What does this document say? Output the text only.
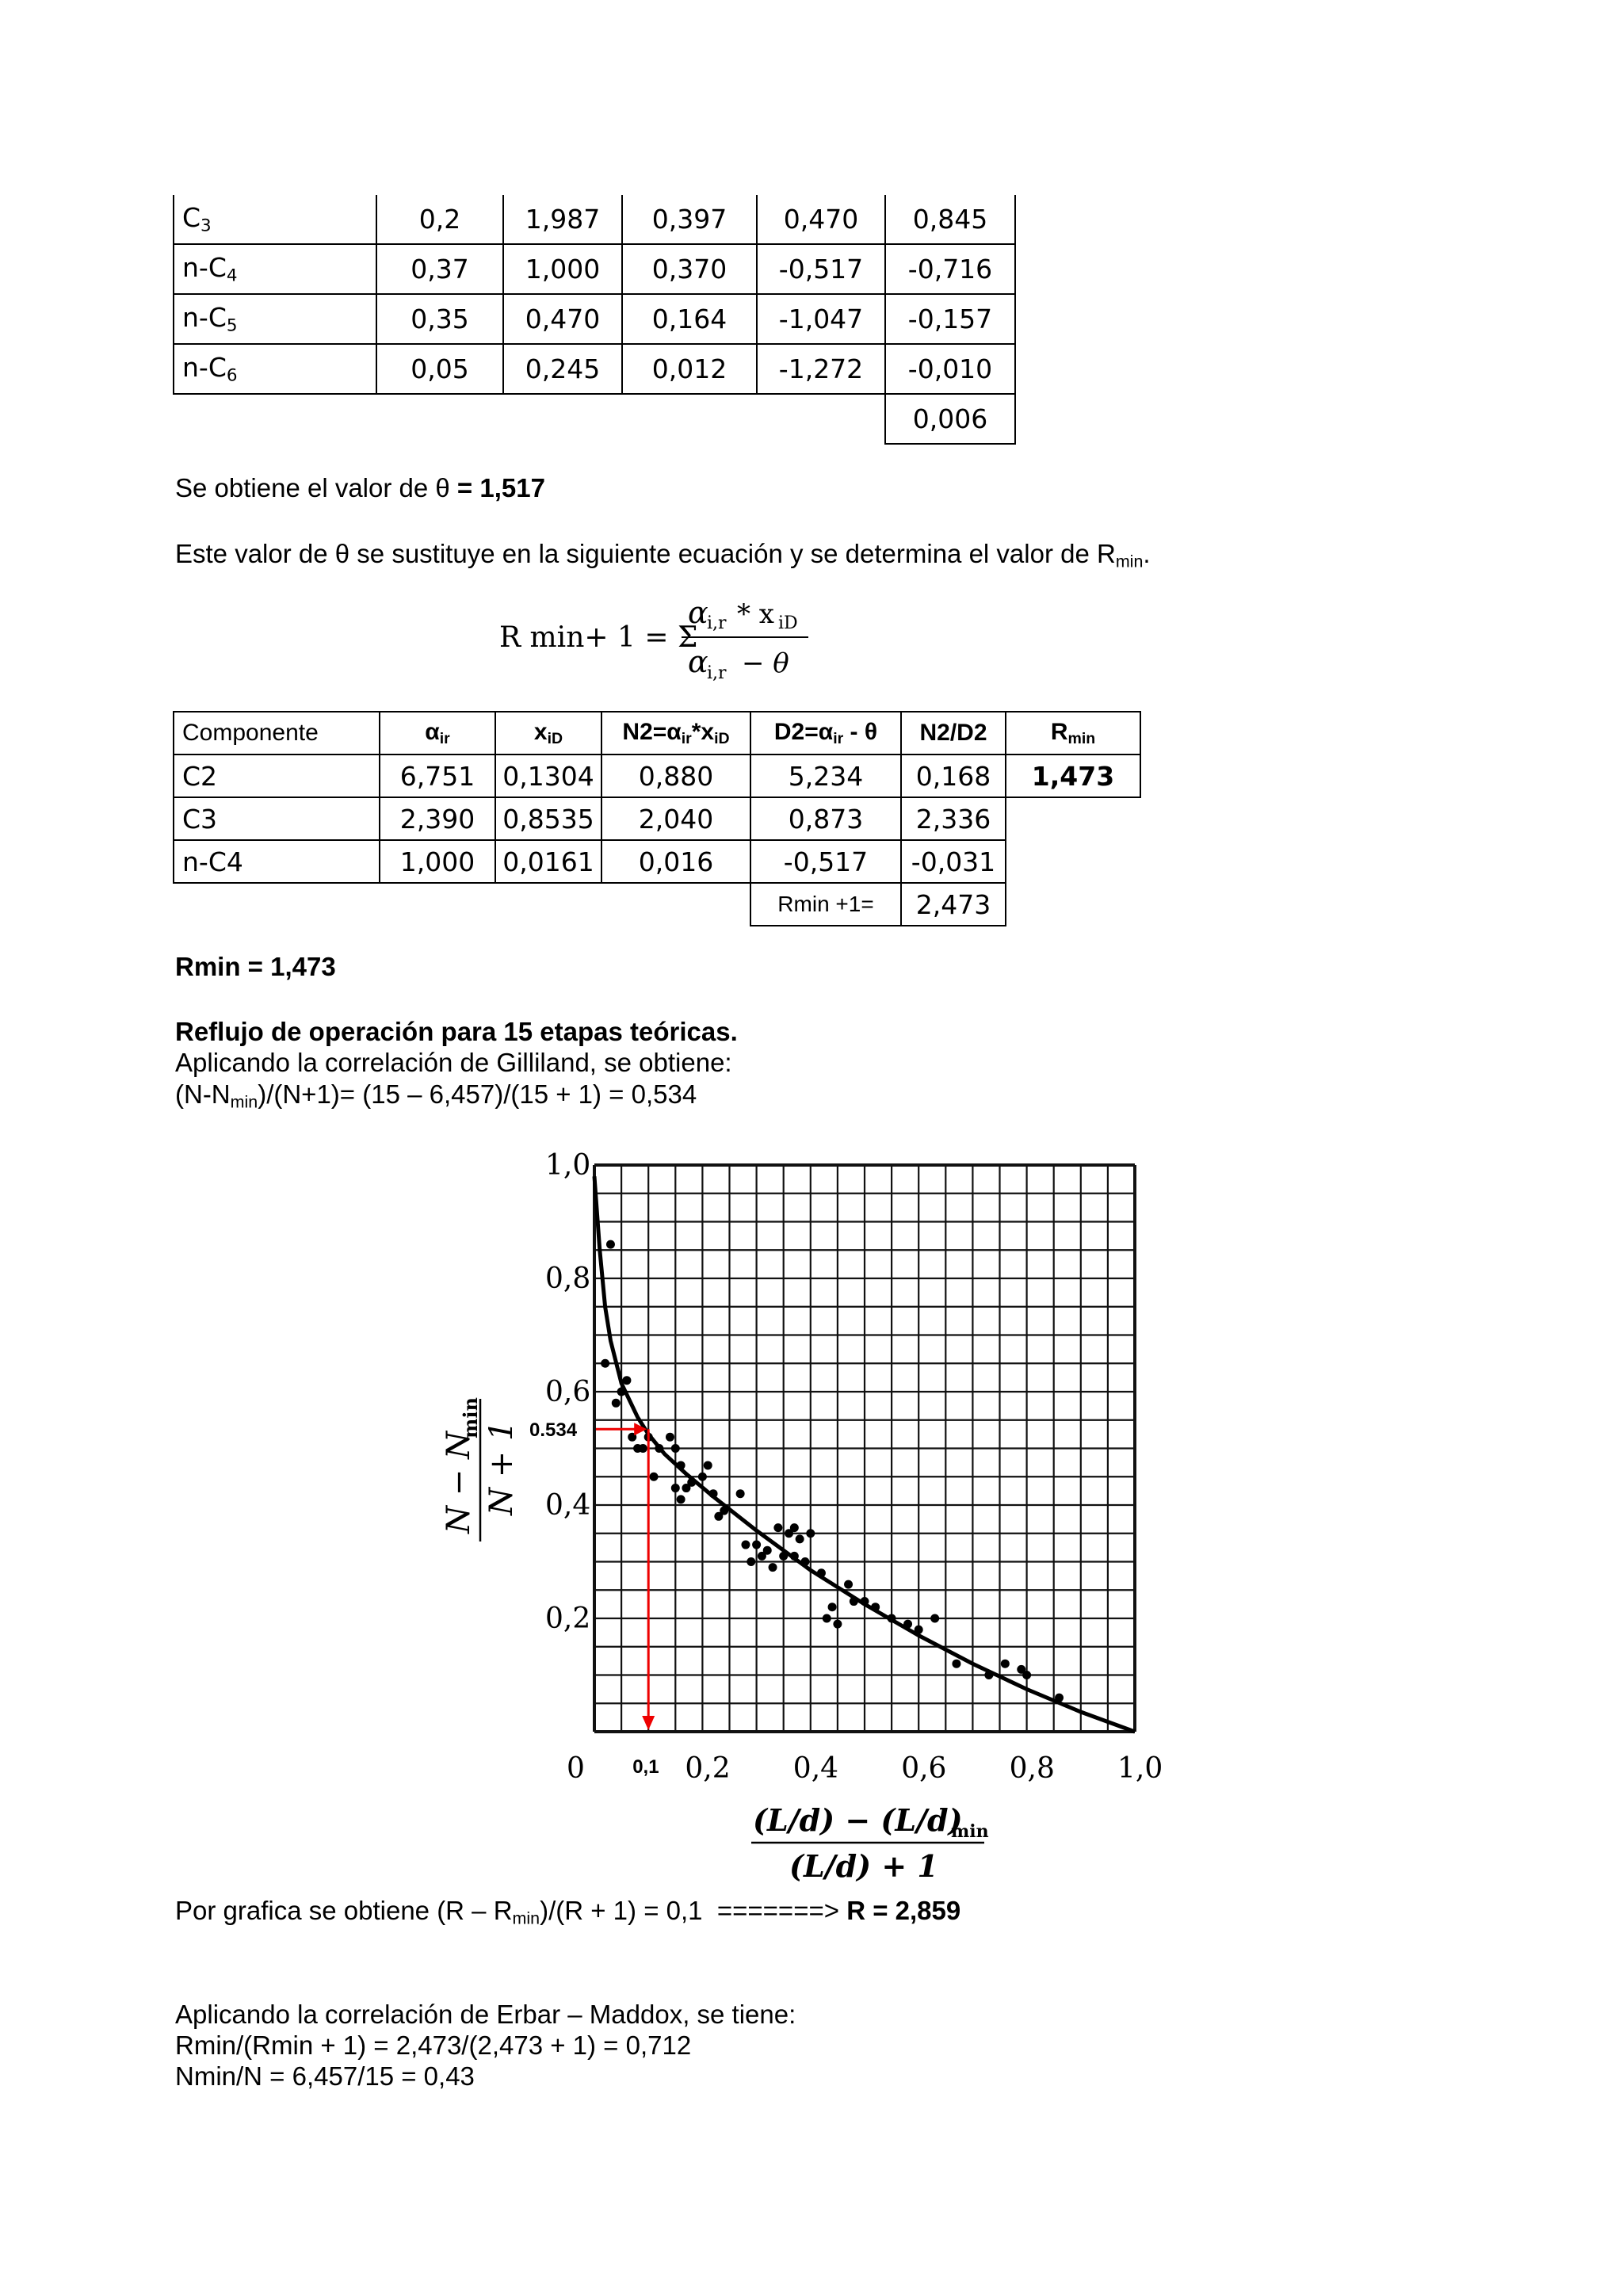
$C_3$	0,2	1,987	0,397	0,470	0,845
$n-C_4$	0,37	1,000	0,370	-0,517	-0,716
$n-C_5$	0,35	0,470	0,164	-1,047	-0,157
$n-C_6$	0,05	0,245	0,012	-1,272	-0,010
					0,006
Se obtiene el valor de θ = 1,517
Este valor de θ se sustituye en la siguiente ecuación y se determina el valor de $R_{min}$.
R min+ 1 = Σ
α
i,r * x iD
α
i,r − θ
Componente	$\alpha_{ir}$	$x_{iD}$	$N2=\alpha_{ir}*x_{iD}$	$D2=\alpha_{ir} - \theta$	N2/D2	$R_{min}$
C2	6,751	0,1304	0,880	5,234	0,168	1,473
C3	2,390	0,8535	2,040	0,873	2,336	
n-C4	1,000	0,0161	0,016	-0,517	-0,031	
				Rmin +1=	2,473	
Rmin = 1,473
Reflujo de operación para 15 etapas teóricas.
Aplicando la correlación de Gilliland, se obtiene:
$(N-N_{min})/(N+1)= (15 - 6,457)/(15 + 1) = 0,534$
0.534
0,1
0	0,2 0,4 0,6 0,8 1,0
0,2
0,4
0,6
0,8
1,0
N − N
min
N + 1
(L/d) − (L/d)
min
(L/d) + 1
Por grafica se obtiene $(R - R_{min})/(R + 1) = 0,1$  =======> R = 2,859
Aplicando la correlación de Erbar – Maddox, se tiene:
Rmin/(Rmin + 1) = 2,473/(2,473 + 1) = 0,712
Nmin/N = 6,457/15 = 0,43
